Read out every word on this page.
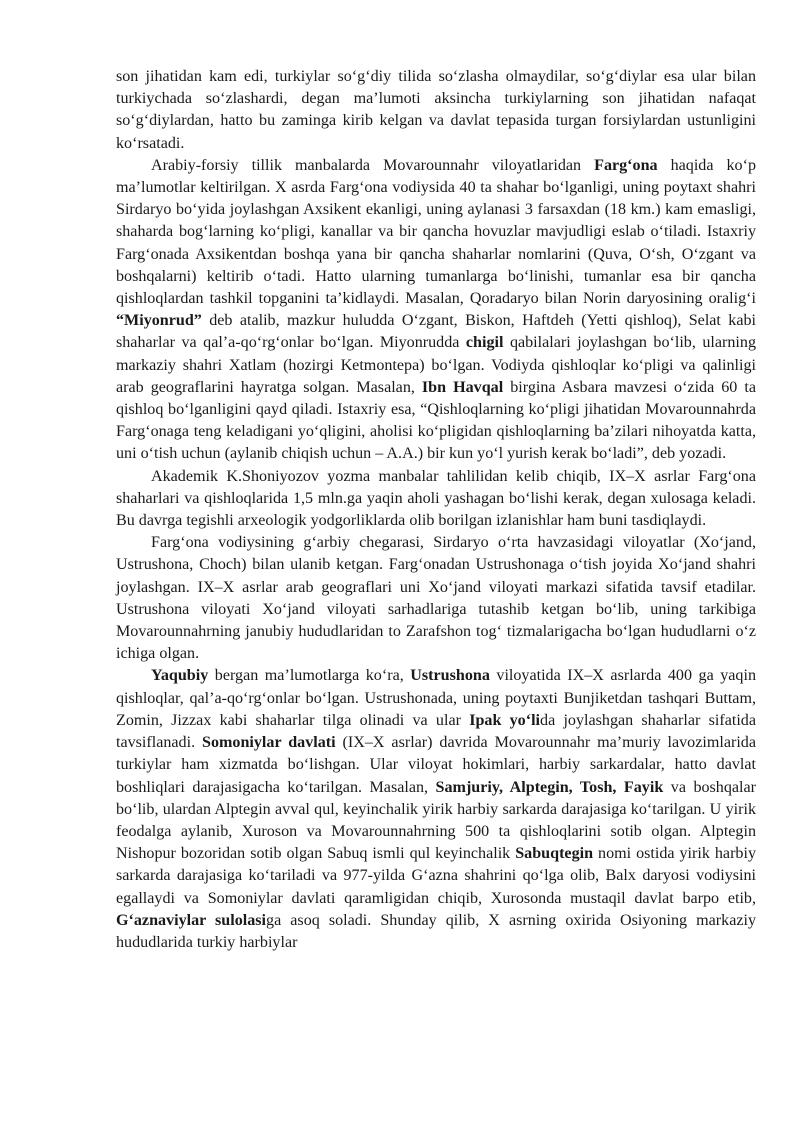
son jihatidan kam edi, turkiylar so‘g‘diy tilida so‘zlasha olmaydilar, so‘g‘diylar esa ular bilan turkiychada so‘zlashardi, degan ma’lumoti aksincha turkiylarning son jihatidan nafaqat so‘g‘diylardan, hatto bu zaminga kirib kelgan va davlat tepasida turgan forsiylardan ustunligini ko‘rsatadi.

Arabiy-forsiy tillik manbalarda Movarounnahr viloyatlaridan Farg‘ona haqida ko‘p ma’lumotlar keltirilgan. X asrda Farg‘ona vodiysida 40 ta shahar bo‘lganligi, uning poytaxt shahri Sirdaryo bo‘yida joylashgan Axsikent ekanligi, uning aylanasi 3 farsaxdan (18 km.) kam emasligi, shaharda bog‘larning ko‘pligi, kanallar va bir qancha hovuzlar mavjudligi eslab o‘tiladi. Istaxriy Farg‘onada Axsikentdan boshqa yana bir qancha shaharlar nomlarini (Quva, O‘sh, O‘zgant va boshqalarni) keltirib o‘tadi. Hatto ularning tumanlarga bo‘linishi, tumanlar esa bir qancha qishloqlardan tashkil topganini ta’kidlaydi. Masalan, Qoradaryo bilan Norin daryosining oralig‘i “Miyonrud” deb atalib, mazkur huludda O‘zgant, Biskon, Haftdeh (Yetti qishloq), Selat kabi shaharlar va qal’a-qo‘rg‘onlar bo‘lgan. Miyonrudda chigil qabilalari joylashgan bo‘lib, ularning markaziy shahri Xatlam (hozirgi Ketmontepa) bo‘lgan. Vodiyda qishloqlar ko‘pligi va qalinligi arab geograflarini hayratga solgan. Masalan, Ibn Havqal birgina Asbara mavzesi o‘zida 60 ta qishloq bo‘lganligini qayd qiladi. Istaxriy esa, “Qishloqlarning ko‘pligi jihatidan Movarounnahrda Farg‘onaga teng keladigani yo‘qligini, aholisi ko‘pligidan qishloqlarning ba’zilari nihoyatda katta, uni o‘tish uchun (aylanib chiqish uchun – A.A.) bir kun yo‘l yurish kerak bo‘ladi”, deb yozadi.

Akademik K.Shoniyozov yozma manbalar tahlilidan kelib chiqib, IX–X asrlar Farg‘ona shaharlari va qishloqlarida 1,5 mln.ga yaqin aholi yashagan bo‘lishi kerak, degan xulosaga keladi. Bu davrga tegishli arxeologik yodgorliklarda olib borilgan izlanishlar ham buni tasdiqlaydi.

Farg‘ona vodiysining g‘arbiy chegarasi, Sirdaryo o‘rta havzasidagi viloyatlar (Xo‘jand, Ustrushona, Choch) bilan ulanib ketgan. Farg‘onadan Ustrushonaga o‘tish joyida Xo‘jand shahri joylashgan. IX–X asrlar arab geograflari uni Xo‘jand viloyati markazi sifatida tavsif etadilar. Ustrushona viloyati Xo‘jand viloyati sarhadlariga tutashib ketgan bo‘lib, uning tarkibiga Movarounnahrning janubiy hududlaridan to Zarafshon tog‘ tizmalarigacha bo‘lgan hududlarni o‘z ichiga olgan.

Yaqubiy bergan ma’lumotlarga ko‘ra, Ustrushona viloyatida IX–X asrlarda 400 ga yaqin qishloqlar, qal’a-qo‘rg‘onlar bo‘lgan. Ustrushonada, uning poytaxti Bunjiketdan tashqari Buttam, Zomin, Jizzax kabi shaharlar tilga olinadi va ular Ipak yo‘lida joylashgan shaharlar sifatida tavsiflanadi. Somoniylar davlati (IX–X asrlar) davrida Movarounnahr ma’muriy lavozimlarida turkiylar ham xizmatda bo‘lishgan. Ular viloyat hokimlari, harbiy sarkardalar, hatto davlat boshliqlari darajasigacha ko‘tarilgan. Masalan, Samjuriy, Alptegin, Tosh, Fayik va boshqalar bo‘lib, ulardan Alptegin avval qul, keyinchalik yirik harbiy sarkarda darajasiga ko‘tarilgan. U yirik feodalga aylanib, Xuroson va Movarounnahrning 500 ta qishloqlarini sotib olgan. Alptegin Nishopur bozoridan sotib olgan Sabuq ismli qul keyinchalik Sabuqtegin nomi ostida yirik harbiy sarkarda darajasiga ko‘tariladi va 977-yilda G‘azna shahrini qo‘lga olib, Balx daryosi vodiysini egallaydi va Somoniylar davlati qaramligidan chiqib, Xurosonda mustaqil davlat barpo etib, G‘aznaviylar sulolasiga asoq soladi. Shunday qilib, X asrning oxirida Osiyoning markaziy hududlarida turkiy harbiylar
